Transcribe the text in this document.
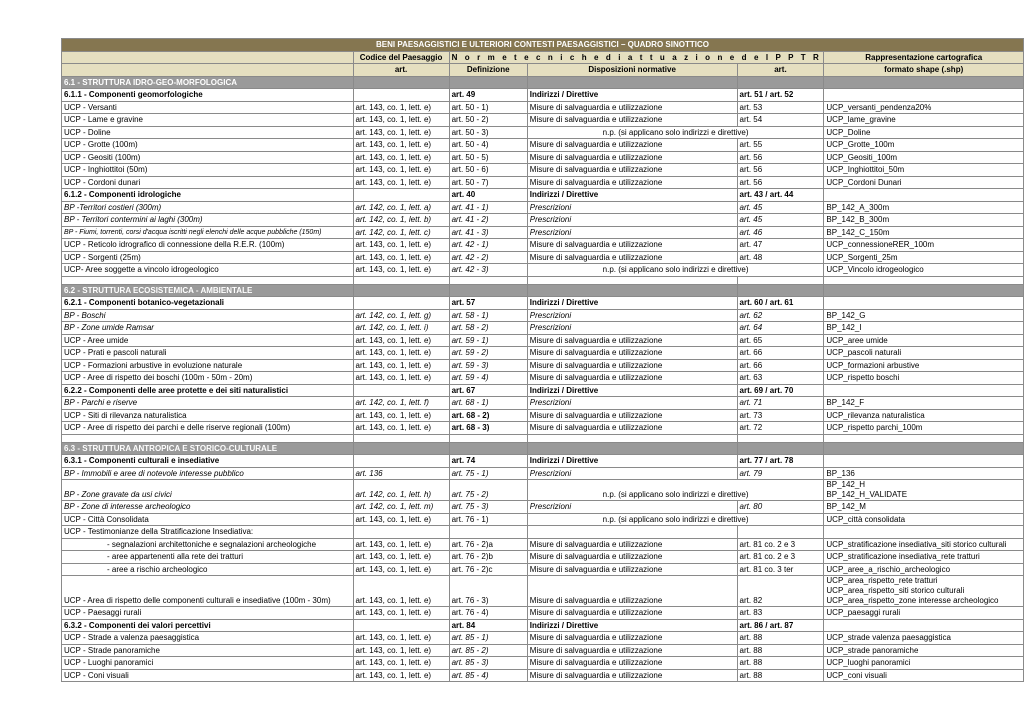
BENI PAESAGGISTICI E ULTERIORI CONTESTI PAESAGGISTICI – QUADRO SINOTTICO					
	Codice del Paesaggio	N o r m e t e c n i c h e d i a t t u a z i o n e d e l P P T R			Rappresentazione cartografica
	art.	Definizione	Disposizioni normative	art.	formato shape (.shp)
6.1 - STRUTTURA IDRO-GEO-MORFOLOGICA					
6.1.1 - Componenti geomorfologiche		art. 49	Indirizzi / Direttive	art. 51 / art. 52	
UCP - Versanti	art. 143, co. 1, lett. e)	art. 50 - 1)	Misure di salvaguardia e utilizzazione	art. 53	UCP_versanti_pendenza20%
UCP - Lame e gravine	art. 143, co. 1, lett. e)	art. 50 - 2)	Misure di salvaguardia e utilizzazione	art. 54	UCP_lame_gravine
UCP - Doline	art. 143, co. 1, lett. e)	art. 50 - 3)	n.p. (si applicano solo indirizzi e direttive)		UCP_Doline
UCP - Grotte (100m)	art. 143, co. 1, lett. e)	art. 50 - 4)	Misure di salvaguardia e utilizzazione	art. 55	UCP_Grotte_100m
UCP - Geositi (100m)	art. 143, co. 1, lett. e)	art. 50 - 5)	Misure di salvaguardia e utilizzazione	art. 56	UCP_Geositi_100m
UCP - Inghiottitoi (50m)	art. 143, co. 1, lett. e)	art. 50 - 6)	Misure di salvaguardia e utilizzazione	art. 56	UCP_Inghiottitoi_50m
UCP - Cordoni dunari	art. 143, co. 1, lett. e)	art. 50 - 7)	Misure di salvaguardia e utilizzazione	art. 56	UCP_Cordoni Dunari
6.1.2 - Componenti idrologiche		art. 40	Indirizzi / Direttive	art. 43 / art. 44	
BP -Territori costieri (300m)	art. 142, co. 1, lett. a)	art. 41 - 1)	Prescrizioni	art. 45	BP_142_A_300m
BP - Territori contermini ai laghi (300m)	art. 142, co. 1, lett. b)	art. 41 - 2)	Prescrizioni	art. 45	BP_142_B_300m
BP - Fiumi, torrenti, corsi d'acqua iscritti negli elenchi delle acque pubbliche (150m)	art. 142, co. 1, lett. c)	art. 41 - 3)	Prescrizioni	art. 46	BP_142_C_150m
UCP - Reticolo idrografico di connessione della R.E.R. (100m)	art. 143, co. 1, lett. e)	art. 42 - 1)	Misure di salvaguardia e utilizzazione	art. 47	UCP_connessioneRER_100m
UCP - Sorgenti (25m)	art. 143, co. 1, lett. e)	art. 42 - 2)	Misure di salvaguardia e utilizzazione	art. 48	UCP_Sorgenti_25m
UCP- Aree soggette a vincolo idrogeologico	art. 143, co. 1, lett. e)	art. 42 - 3)	n.p. (si applicano solo indirizzi e direttive)		UCP_Vincolo idrogeologico

6.2 - STRUTTURA ECOSISTEMICA - AMBIENTALE					
6.2.1 - Componenti botanico-vegetazionali		art. 57	Indirizzi / Direttive	art. 60 / art. 61	
BP - Boschi	art. 142, co. 1, lett. g)	art. 58 - 1)	Prescrizioni	art. 62	BP_142_G
BP - Zone umide Ramsar	art. 142, co. 1, lett. i)	art. 58 - 2)	Prescrizioni	art. 64	BP_142_I
UCP - Aree umide	art. 143, co. 1, lett. e)	art. 59 - 1)	Misure di salvaguardia e utilizzazione	art. 65	UCP_aree umide
UCP - Prati e pascoli naturali	art. 143, co. 1, lett. e)	art. 59 - 2)	Misure di salvaguardia e utilizzazione	art. 66	UCP_pascoli naturali
UCP - Formazioni arbustive in evoluzione naturale	art. 143, co. 1, lett. e)	art. 59 - 3)	Misure di salvaguardia e utilizzazione	art. 66	UCP_formazioni arbustive
UCP - Aree di rispetto dei boschi (100m - 50m - 20m)	art. 143, co. 1, lett. e)	art. 59 - 4)	Misure di salvaguardia e utilizzazione	art. 63	UCP_rispetto boschi
6.2.2 - Componenti delle aree protette e dei siti naturalistici		art. 67	Indirizzi / Direttive	art. 69 / art. 70	
BP - Parchi e riserve	art. 142, co. 1, lett. f)	art. 68 - 1)	Prescrizioni	art. 71	BP_142_F
UCP - Siti di rilevanza naturalistica	art. 143, co. 1, lett. e)	art. 68 - 2)	Misure di salvaguardia e utilizzazione	art. 73	UCP_rilevanza naturalistica
UCP - Aree di rispetto dei parchi e delle riserve regionali (100m)	art. 143, co. 1, lett. e)	art. 68 - 3)	Misure di salvaguardia e utilizzazione	art. 72	UCP_rispetto parchi_100m

6.3 - STRUTTURA ANTROPICA E STORICO-CULTURALE					
6.3.1 - Componenti culturali e insediative		art. 74	Indirizzi / Direttive	art. 77 / art. 78	
BP - Immobili e aree di notevole interesse pubblico	art. 136	art. 75 - 1)	Prescrizioni	art. 79	BP_136
BP - Zone gravate da usi civici	art. 142, co. 1, lett. h)	art. 75 - 2)	n.p. (si applicano solo indirizzi e direttive)		BP_142_H
BP_142_H_VALIDATE

BP - Zone di interesse archeologico	art. 142, co. 1, lett. m)	art. 75 - 3)	Prescrizioni	art. 80	BP_142_M
UCP - Città Consolidata	art. 143, co. 1, lett. e)	art. 76 - 1)	n.p. (si applicano solo indirizzi e direttive)		UCP_città consolidata
UCP - Testimonianze della Stratificazione Insediativa:					
- segnalazioni architettoniche e segnalazioni archeologiche	art. 143, co. 1, lett. e)	art. 76 - 2)a	Misure di salvaguardia e utilizzazione	art. 81 co. 2 e 3	UCP_stratificazione insediativa_siti storico culturali
- aree appartenenti alla rete dei tratturi	art. 143, co. 1, lett. e)	art. 76 - 2)b	Misure di salvaguardia e utilizzazione	art. 81 co. 2 e 3	UCP_stratificazione insediativa_rete tratturi
- aree a rischio archeologico	art. 143, co. 1, lett. e)	art. 76 - 2)c	Misure di salvaguardia e utilizzazione	art. 81 co. 3 ter	UCP_aree_a_rischio_archeologico
UCP - Area di rispetto delle componenti culturali e insediative (100m - 30m)	art. 143, co. 1, lett. e)	art. 76 - 3)	Misure di salvaguardia e utilizzazione	art. 82	UCP_area_rispetto_rete tratturi
UCP_area_rispetto_siti storico culturali
UCP_area_rispetto_zone interesse archeologico

UCP - Paesaggi rurali	art. 143, co. 1, lett. e)	art. 76 - 4)	Misure di salvaguardia e utilizzazione	art. 83	UCP_paesaggi rurali
6.3.2 - Componenti dei valori percettivi		art. 84	Indirizzi / Direttive	art. 86 / art. 87	
UCP - Strade a valenza paesaggistica	art. 143, co. 1, lett. e)	art. 85 - 1)	Misure di salvaguardia e utilizzazione	art. 88	UCP_strade valenza paesaggistica
UCP - Strade panoramiche	art. 143, co. 1, lett. e)	art. 85 - 2)	Misure di salvaguardia e utilizzazione	art. 88	UCP_strade panoramiche
UCP - Luoghi panoramici	art. 143, co. 1, lett. e)	art. 85 - 3)	Misure di salvaguardia e utilizzazione	art. 88	UCP_luoghi panoramici
UCP - Coni visuali	art. 143, co. 1, lett. e)	art. 85 - 4)	Misure di salvaguardia e utilizzazione	art. 88	UCP_coni visuali
